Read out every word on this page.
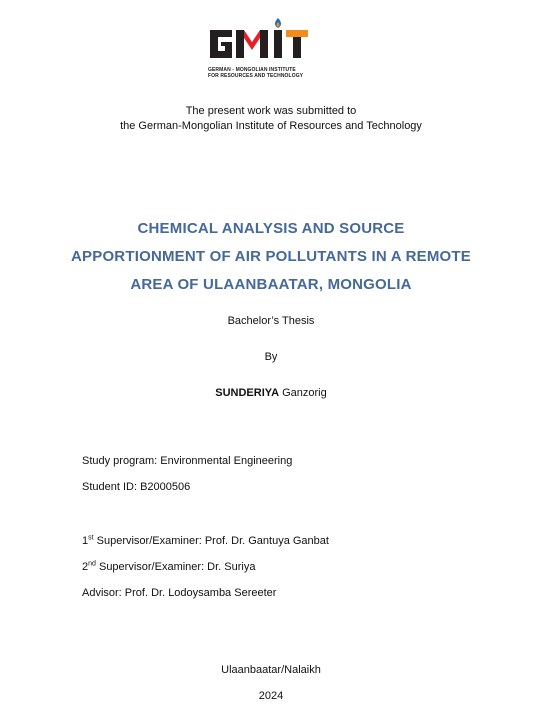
GERMAN - MONGOLIAN INSTITUTE
FOR RESOURCES AND TECHNOLOGY
The present work was submitted to
the German-Mongolian Institute of Resources and Technology
CHEMICAL ANALYSIS AND SOURCE
APPORTIONMENT OF AIR POLLUTANTS IN A REMOTE
AREA OF ULAANBAATAR, MONGOLIA
Bachelor’s Thesis
By
SUNDERIYA Ganzorig
Study program: Environmental Engineering
Student ID: B2000506
1st Supervisor/Examiner: Prof. Dr. Gantuya Ganbat
2nd Supervisor/Examiner: Dr. Suriya
Advisor: Prof. Dr. Lodoysamba Sereeter
Ulaanbaatar/Nalaikh
2024
